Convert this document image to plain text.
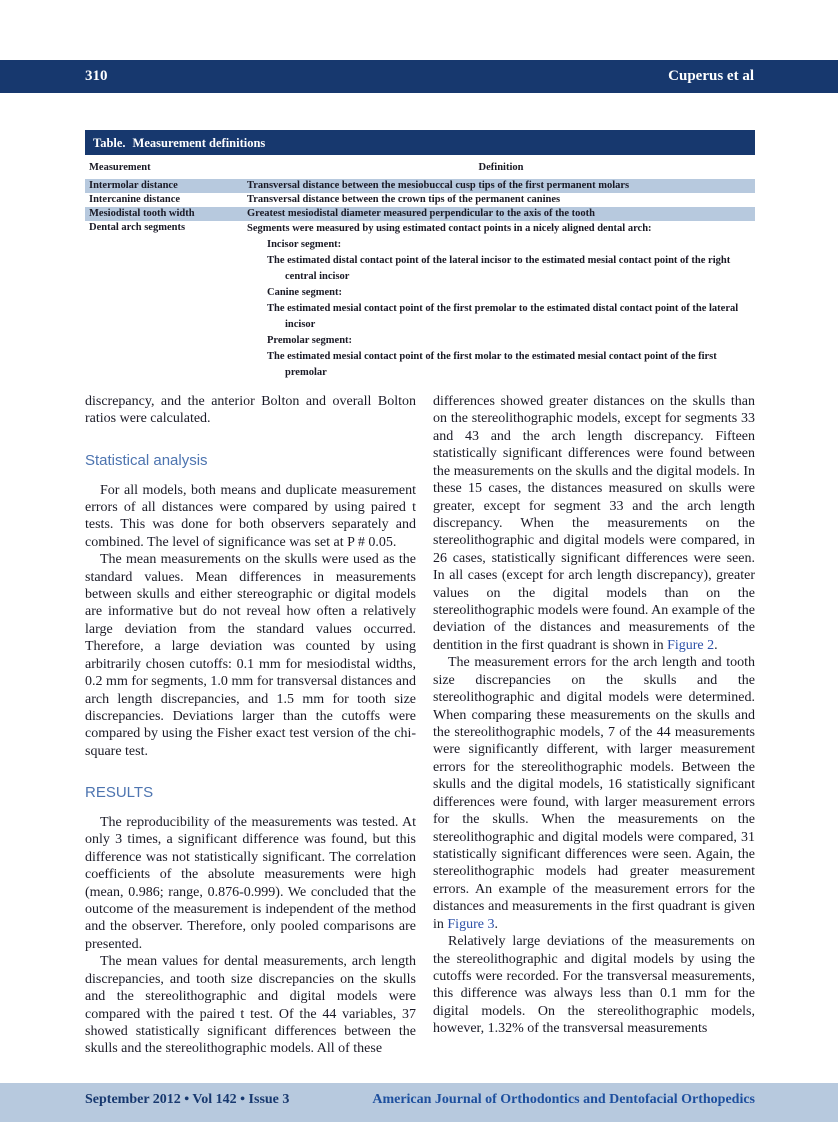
310	Cuperus et al
Table. Measurement definitions
Measurement	Definition
Intermolar distance	Transversal distance between the mesiobuccal cusp tips of the first permanent molars
Intercanine distance	Transversal distance between the crown tips of the permanent canines
Mesiodistal tooth width	Greatest mesiodistal diameter measured perpendicular to the axis of the tooth
Dental arch segments	Segments were measured by using estimated contact points in a nicely aligned dental arch:
Incisor segment:
The estimated distal contact point of the lateral incisor to the estimated mesial contact point of the right central incisor
Canine segment:
The estimated mesial contact point of the first premolar to the estimated distal contact point of the lateral incisor
Premolar segment:
The estimated mesial contact point of the first molar to the estimated mesial contact point of the first premolar

discrepancy, and the anterior Bolton and overall Bolton ratios were calculated.

Statistical analysis

For all models, both means and duplicate measurement errors of all distances were compared by using paired t tests. This was done for both observers separately and combined. The level of significance was set at P # 0.05.

The mean measurements on the skulls were used as the standard values. Mean differences in measurements between skulls and either stereographic or digital models are informative but do not reveal how often a relatively large deviation from the standard values occurred. Therefore, a large deviation was counted by using arbitrarily chosen cutoffs: 0.1 mm for mesiodistal widths, 0.2 mm for segments, 1.0 mm for transversal distances and arch length discrepancies, and 1.5 mm for tooth size discrepancies. Deviations larger than the cutoffs were compared by using the Fisher exact test version of the chi-square test.

RESULTS

The reproducibility of the measurements was tested. At only 3 times, a significant difference was found, but this difference was not statistically significant. The correlation coefficients of the absolute measurements were high (mean, 0.986; range, 0.876-0.999). We concluded that the outcome of the measurement is independent of the method and the observer. Therefore, only pooled comparisons are presented.

The mean values for dental measurements, arch length discrepancies, and tooth size discrepancies on the skulls and the stereolithographic and digital models were compared with the paired t test. Of the 44 variables, 37 showed statistically significant differences between the skulls and the stereolithographic models. All of these

differences showed greater distances on the skulls than on the stereolithographic models, except for segments 33 and 43 and the arch length discrepancy. Fifteen statistically significant differences were found between the measurements on the skulls and the digital models. In these 15 cases, the distances measured on skulls were greater, except for segment 33 and the arch length discrepancy. When the measurements on the stereolithographic and digital models were compared, in 26 cases, statistically significant differences were seen. In all cases (except for arch length discrepancy), greater values on the digital models than on the stereolithographic models were found. An example of the deviation of the distances and measurements of the dentition in the first quadrant is shown in Figure 2.

The measurement errors for the arch length and tooth size discrepancies on the skulls and the stereolithographic and digital models were determined. When comparing these measurements on the skulls and the stereolithographic models, 7 of the 44 measurements were significantly different, with larger measurement errors for the stereolithographic models. Between the skulls and the digital models, 16 statistically significant differences were found, with larger measurement errors for the skulls. When the measurements on the stereolithographic and digital models were compared, 31 statistically significant differences were seen. Again, the stereolithographic models had greater measurement errors. An example of the measurement errors for the distances and measurements in the first quadrant is given in Figure 3.

Relatively large deviations of the measurements on the stereolithographic and digital models by using the cutoffs were recorded. For the transversal measurements, this difference was always less than 0.1 mm for the digital models. On the stereolithographic models, however, 1.32% of the transversal measurements

September 2012 • Vol 142 • Issue 3	American Journal of Orthodontics and Dentofacial Orthopedics
